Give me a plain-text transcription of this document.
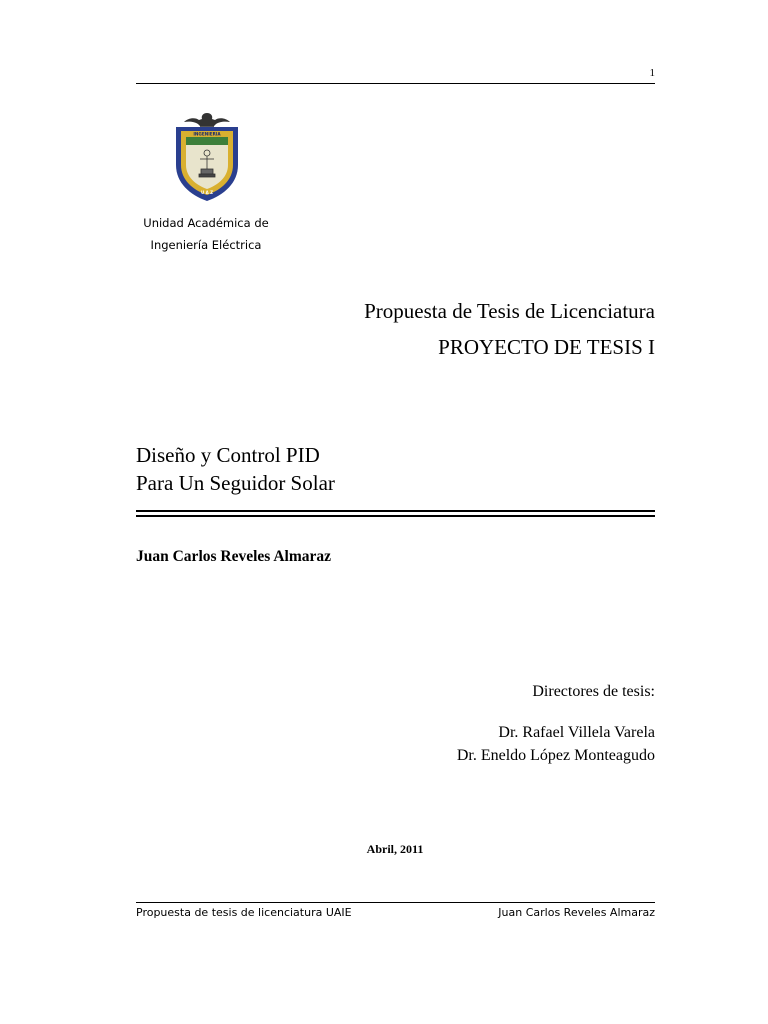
1
INGENIERIA
U A Z
Unidad Académica de
Ingeniería Eléctrica
Propuesta de Tesis de Licenciatura
PROYECTO DE TESIS I
Diseño y Control PID
Para Un Seguidor Solar
Juan Carlos Reveles Almaraz
Directores de tesis:
Dr. Rafael Villela Varela
Dr. Eneldo López Monteagudo
Abril, 2011
Propuesta de tesis de licenciatura UAIE	Juan Carlos Reveles Almaraz
